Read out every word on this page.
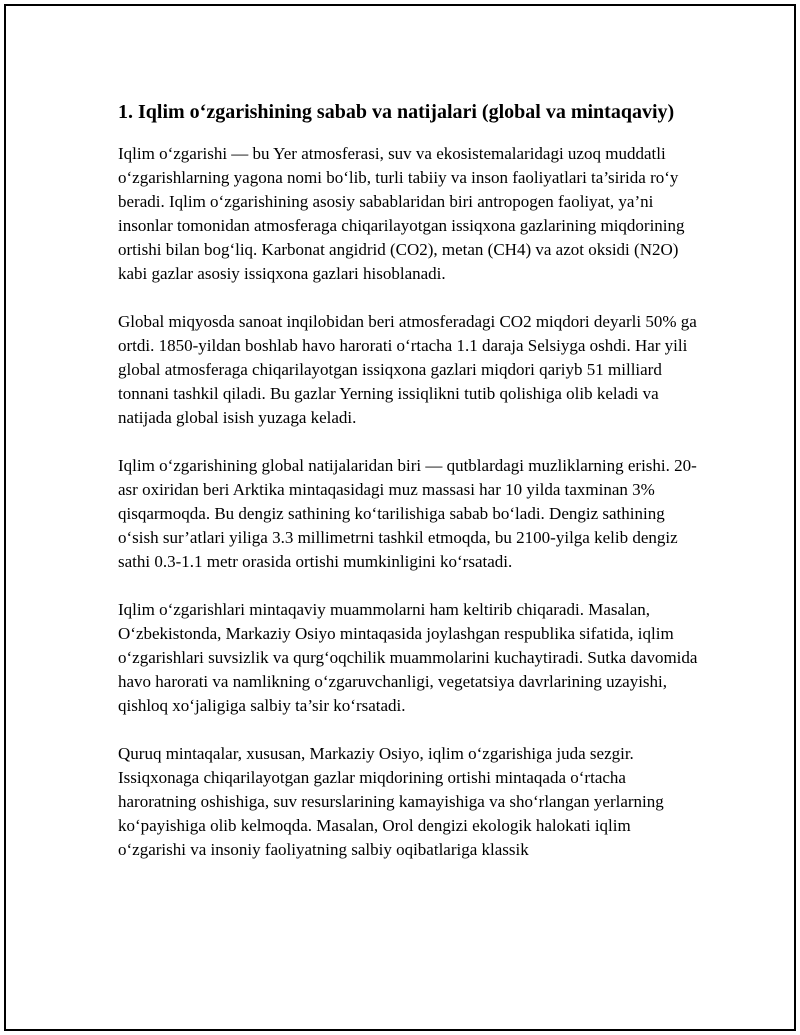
1. Iqlim o‘zgarishining sabab va natijalari (global va mintaqaviy)

Iqlim o‘zgarishi — bu Yer atmosferasi, suv va ekosistemalaridagi uzoq muddatli o‘zgarishlarning yagona nomi bo‘lib, turli tabiiy va inson faoliyatlari ta’sirida ro‘y beradi. Iqlim o‘zgarishining asosiy sabablaridan biri antropogen faoliyat, ya’ni insonlar tomonidan atmosferaga chiqarilayotgan issiqxona gazlarining miqdorining ortishi bilan bog‘liq. Karbonat angidrid (CO2), metan (CH4) va azot oksidi (N2O) kabi gazlar asosiy issiqxona gazlari hisoblanadi.

Global miqyosda sanoat inqilobidan beri atmosferadagi CO2 miqdori deyarli 50% ga ortdi. 1850-yildan boshlab havo harorati o‘rtacha 1.1 daraja Selsiyga oshdi. Har yili global atmosferaga chiqarilayotgan issiqxona gazlari miqdori qariyb 51 milliard tonnani tashkil qiladi. Bu gazlar Yerning issiqlikni tutib qolishiga olib keladi va natijada global isish yuzaga keladi.

Iqlim o‘zgarishining global natijalaridan biri — qutblardagi muzliklarning erishi. 20-asr oxiridan beri Arktika mintaqasidagi muz massasi har 10 yilda taxminan 3% qisqarmoqda. Bu dengiz sathining ko‘tarilishiga sabab bo‘ladi. Dengiz sathining o‘sish sur’atlari yiliga 3.3 millimetrni tashkil etmoqda, bu 2100-yilga kelib dengiz sathi 0.3-1.1 metr orasida ortishi mumkinligini ko‘rsatadi.

Iqlim o‘zgarishlari mintaqaviy muammolarni ham keltirib chiqaradi. Masalan, O‘zbekistonda, Markaziy Osiyo mintaqasida joylashgan respublika sifatida, iqlim o‘zgarishlari suvsizlik va qurg‘oqchilik muammolarini kuchaytiradi. Sutka davomida havo harorati va namlikning o‘zgaruvchanligi, vegetatsiya davrlarining uzayishi, qishloq xo‘jaligiga salbiy ta’sir ko‘rsatadi.

Quruq mintaqalar, xususan, Markaziy Osiyo, iqlim o‘zgarishiga juda sezgir. Issiqxonaga chiqarilayotgan gazlar miqdorining ortishi mintaqada o‘rtacha haroratning oshishiga, suv resurslarining kamayishiga va sho‘rlangan yerlarning ko‘payishiga olib kelmoqda. Masalan, Orol dengizi ekologik halokati iqlim o‘zgarishi va insoniy faoliyatning salbiy oqibatlariga klassik
